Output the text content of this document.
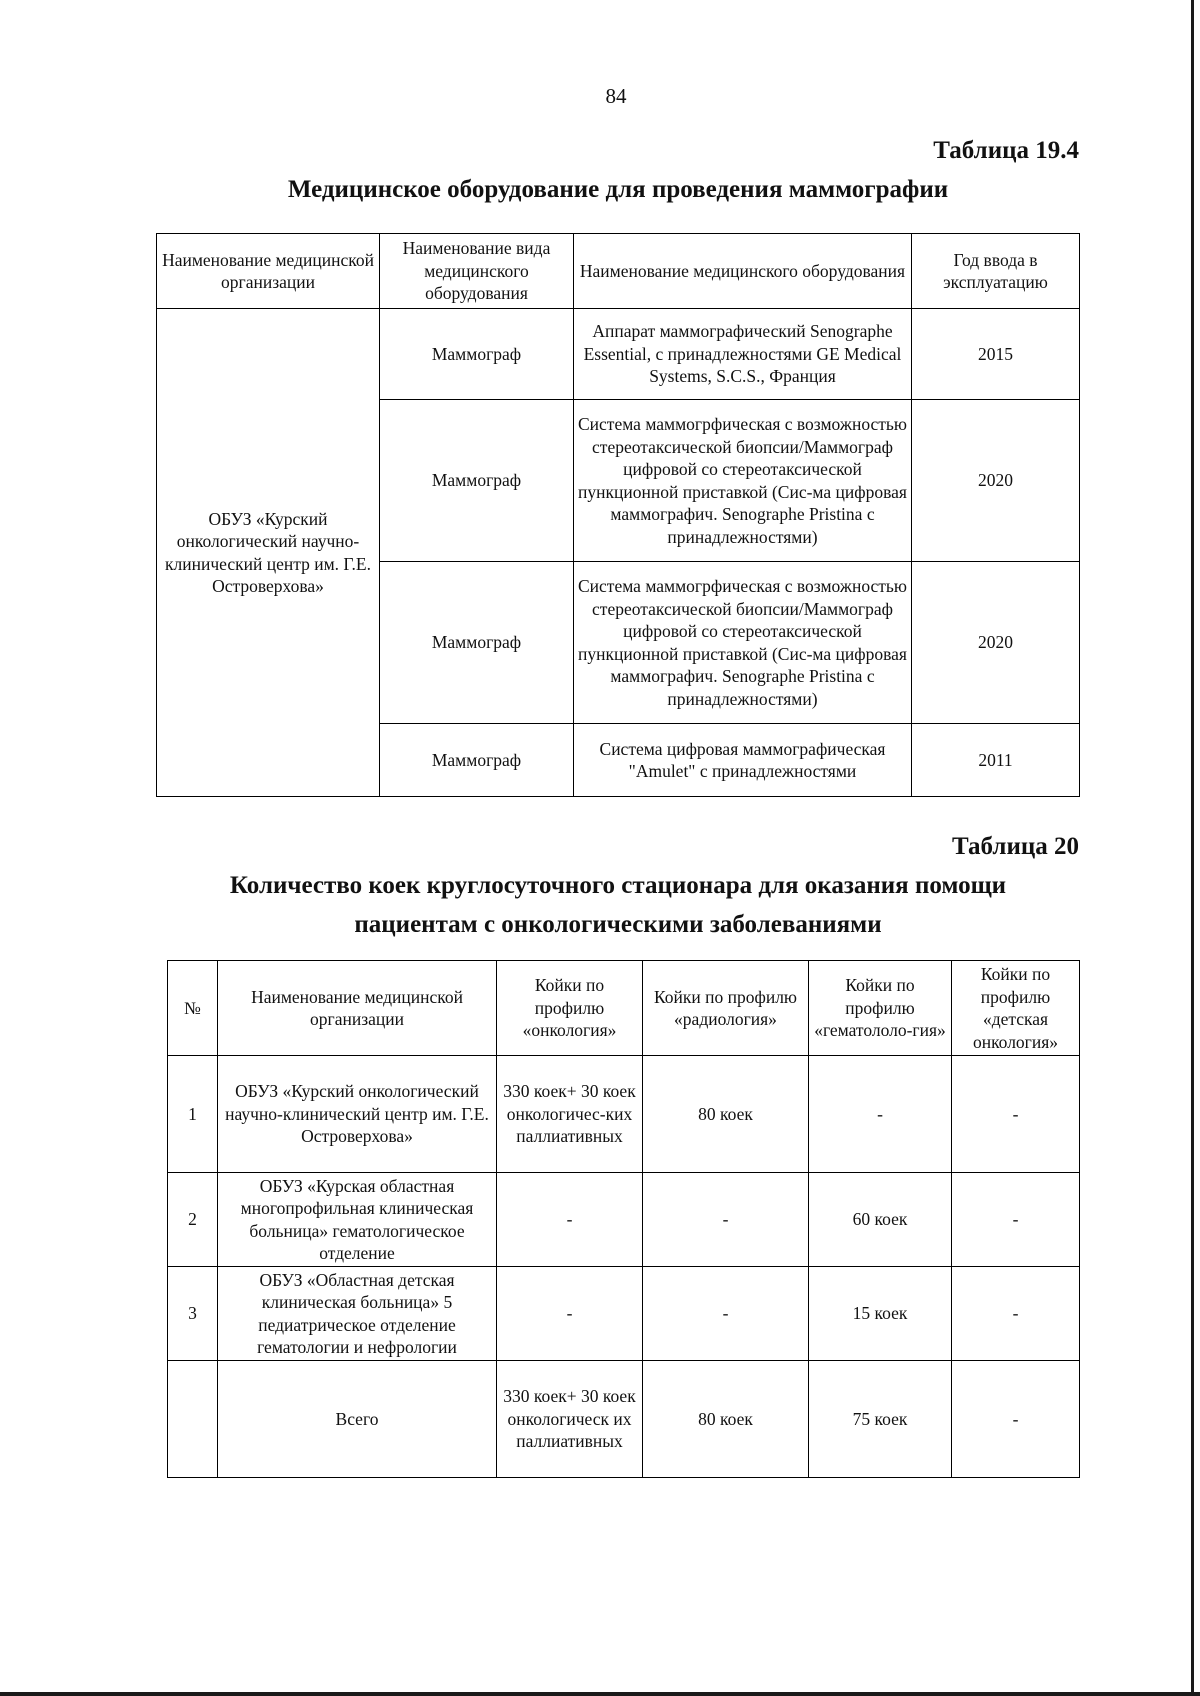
84
Таблица 19.4
Медицинское оборудование для проведения маммографии
Наименование медицинской организации	Наименование вида медицинского оборудования	Наименование медицинского оборудования	Год ввода в эксплуатацию
ОБУЗ «Курский онкологический научно-клинический центр им. Г.Е. Островерхова»	Маммограф	Аппарат маммографический Senographe Essential, с принадлежностями GE Medical Systems, S.C.S., Франция	2015
	Маммограф	Система маммогрфическая с возможностью стереотаксической биопсии/Маммограф цифровой со стереотаксической пункционной приставкой (Сис-ма цифровая маммографич. Senographe Pristina с принадлежностями)	2020
	Маммограф	Система маммогрфическая с возможностью стереотаксической биопсии/Маммограф цифровой со стереотаксической пункционной приставкой (Сис-ма цифровая маммографич. Senographe Pristina с принадлежностями)	2020
	Маммограф	Система цифровая маммографическая "Amulet" с принадлежностями	2011
Таблица 20
Количество коек круглосуточного стационара для оказания помощи
пациентам с онкологическими заболеваниями
№	Наименование медицинской организации	Койки по профилю «онкология»	Койки по профилю «радиология»	Койки по профилю «гематололо-гия»	Койки по профилю «детская онкология»
1	ОБУЗ «Курский онкологический научно-клинический центр им. Г.Е. Островерхова»	330 коек+ 30 коек онкологичес-ких паллиативных	80 коек	-	-
2	ОБУЗ «Курская областная многопрофильная клиническая больница» гематологическое отделение	-	-	60 коек	-
3	ОБУЗ «Областная детская клиническая больница» 5 педиатрическое отделение гематологии и нефрологии	-	-	15 коек	-
	Всего	330 коек+ 30 коек онкологическ их паллиативных	80 коек	75 коек	-
